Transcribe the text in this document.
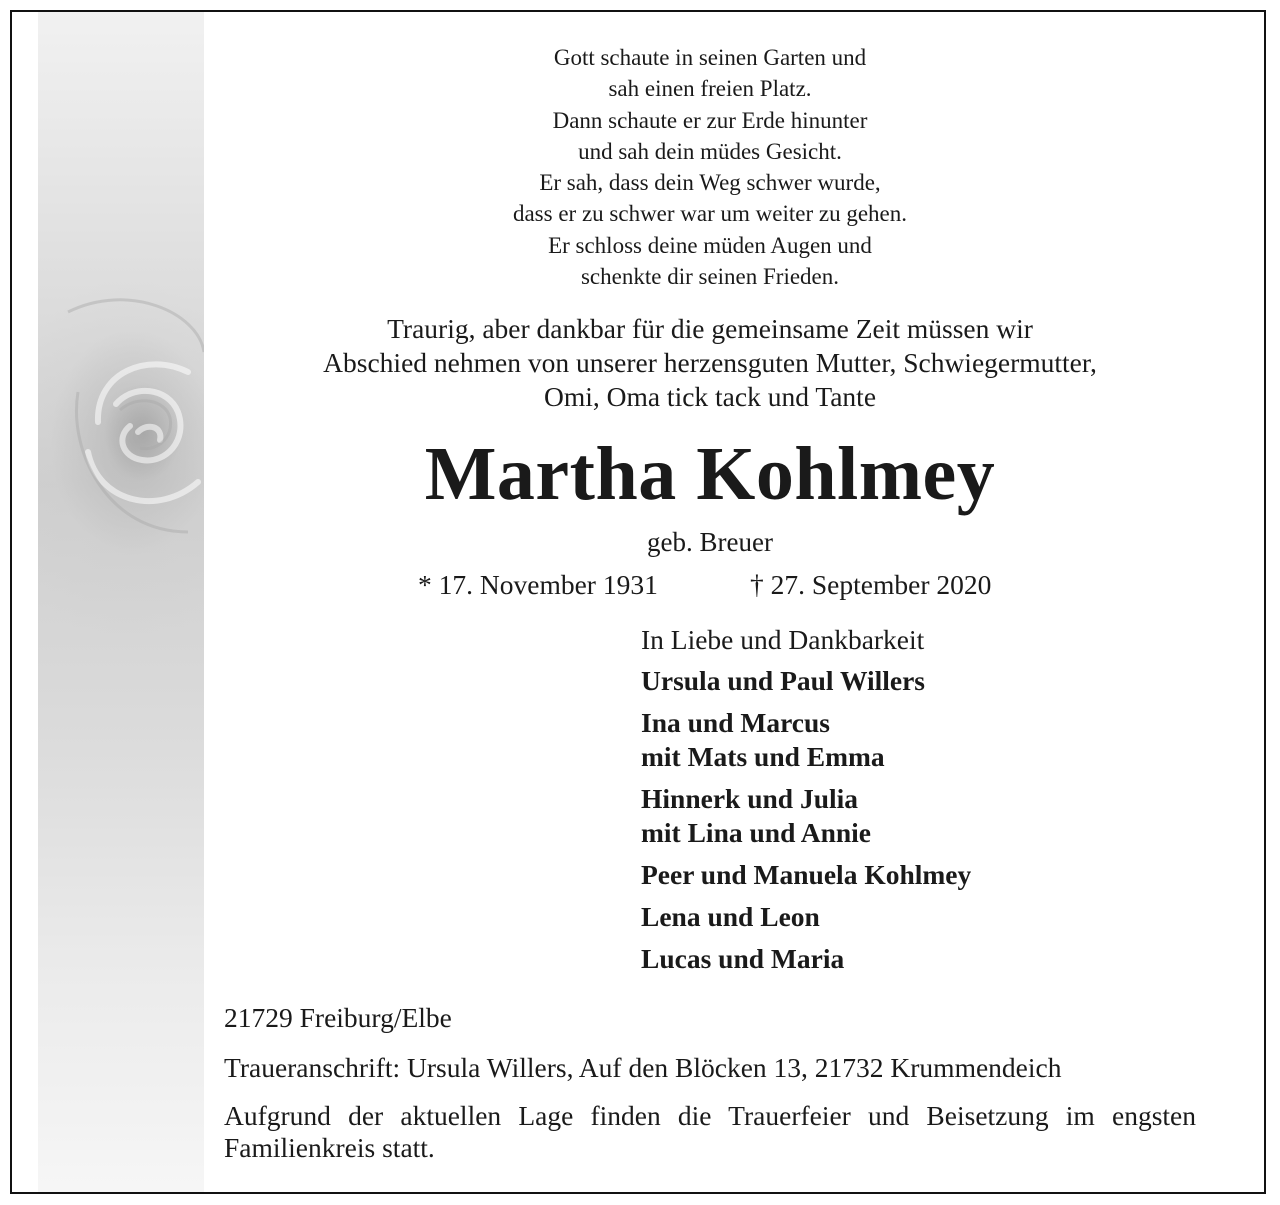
Gott schaute in seinen Garten und
sah einen freien Platz.
Dann schaute er zur Erde hinunter
und sah dein müdes Gesicht.
Er sah, dass dein Weg schwer wurde,
dass er zu schwer war um weiter zu gehen.
Er schloss deine müden Augen und
schenkte dir seinen Frieden.
Traurig, aber dankbar für die gemeinsame Zeit müssen wir
Abschied nehmen von unserer herzensguten Mutter, Schwiegermutter,
Omi, Oma tick tack und Tante
Martha Kohlmey
geb. Breuer
* 17. November 1931	† 27. September 2020
In Liebe und Dankbarkeit
Ursula und Paul Willers
Ina und Marcus
mit Mats und Emma
Hinnerk und Julia
mit Lina und Annie
Peer und Manuela Kohlmey
Lena und Leon
Lucas und Maria
21729 Freiburg/Elbe
Traueranschrift: Ursula Willers, Auf den Blöcken 13, 21732 Krummendeich
Aufgrund der aktuellen Lage finden die Trauerfeier und Beisetzung im engsten Familienkreis statt.
